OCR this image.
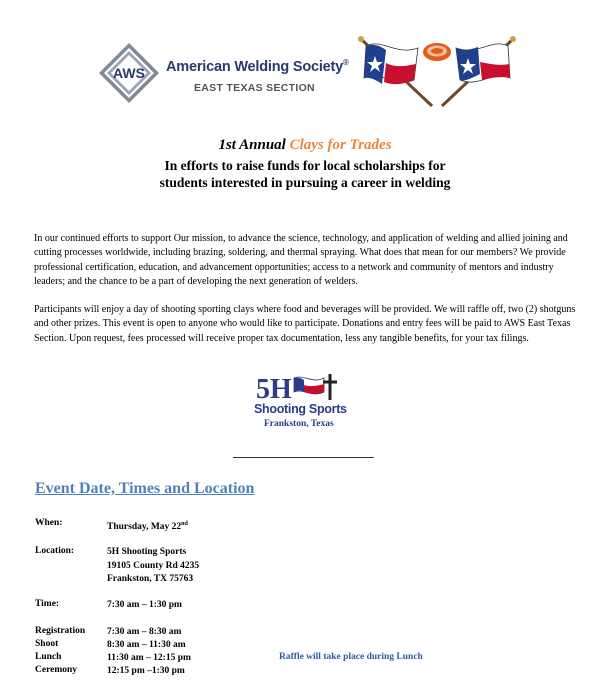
AWS American Welding Society®
EAST TEXAS SECTION
1st Annual Clays for Trades
In efforts to raise funds for local scholarships for
students interested in pursuing a career in welding
In our continued efforts to support Our mission, to advance the science, technology, and application of welding and allied joining and cutting processes worldwide, including brazing, soldering, and thermal spraying. What does that mean for our members? We provide professional certification, education, and advancement opportunities; access to a network and community of mentors and industry leaders; and the chance to be a part of developing the next generation of welders.
Participants will enjoy a day of shooting sporting clays where food and beverages will be provided. We will raffle off, two (2) shotguns and other prizes. This event is open to anyone who would like to participate. Donations and entry fees will be paid to AWS East Texas Section. Upon request, fees processed will receive proper tax documentation, less any tangible benefits, for your tax filings.
5H
Shooting Sports
Frankston, Texas
Event Date, Times and Location
When:	Thursday, May 22nd
Location:	5H Shooting Sports
19105 County Rd 4235
Frankston, TX 75763
Time:	7:30 am – 1:30 pm
Registration 7:30 am – 8:30 am
Shoot	8:30 am – 11:30 am
Lunch	11:30 am – 12:15 pm
Ceremony	12:15 pm –1:30 pm
Raffle will take place during Lunch
